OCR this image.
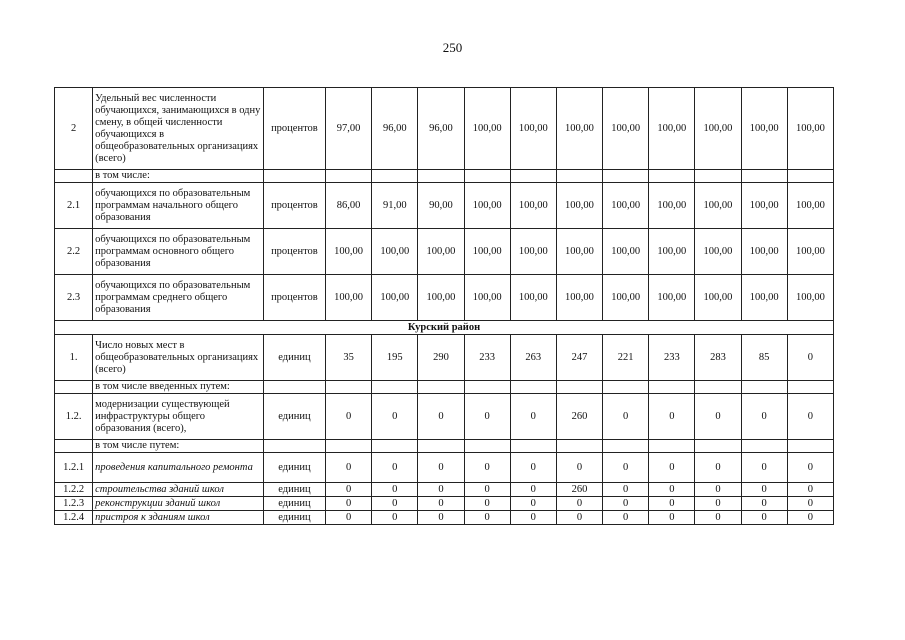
250
2	Удельный вес численности обучающихся, занимающихся в одну смену, в общей численности обучающихся в общеобразовательных организациях (всего)	процентов	97,00	96,00	96,00	100,00	100,00	100,00	100,00	100,00	100,00	100,00	100,00
	в том числе:												
2.1	обучающихся по образовательным программам начального общего образования	процентов	86,00	91,00	90,00	100,00	100,00	100,00	100,00	100,00	100,00	100,00	100,00
2.2	обучающихся по образовательным программам основного общего образования	процентов	100,00	100,00	100,00	100,00	100,00	100,00	100,00	100,00	100,00	100,00	100,00
2.3	обучающихся по образовательным программам среднего общего образования	процентов	100,00	100,00	100,00	100,00	100,00	100,00	100,00	100,00	100,00	100,00	100,00
Курский район													
1.	Число новых мест в общеобразовательных организациях (всего)	единиц	35	195	290	233	263	247	221	233	283	85	0
	в том числе введенных путем:												
1.2.	модернизации существующей инфраструктуры общего образования (всего),	единиц	0	0	0	0	0	260	0	0	0	0	0
	в том числе путем:												
1.2.1	проведения капитального ремонта	единиц	0	0	0	0	0	0	0	0	0	0	0
1.2.2	строительства зданий школ	единиц	0	0	0	0	0	260	0	0	0	0	0
1.2.3	реконструкции зданий школ	единиц	0	0	0	0	0	0	0	0	0	0	0
1.2.4	пристроя к зданиям школ	единиц	0	0	0	0	0	0	0	0	0	0	0
